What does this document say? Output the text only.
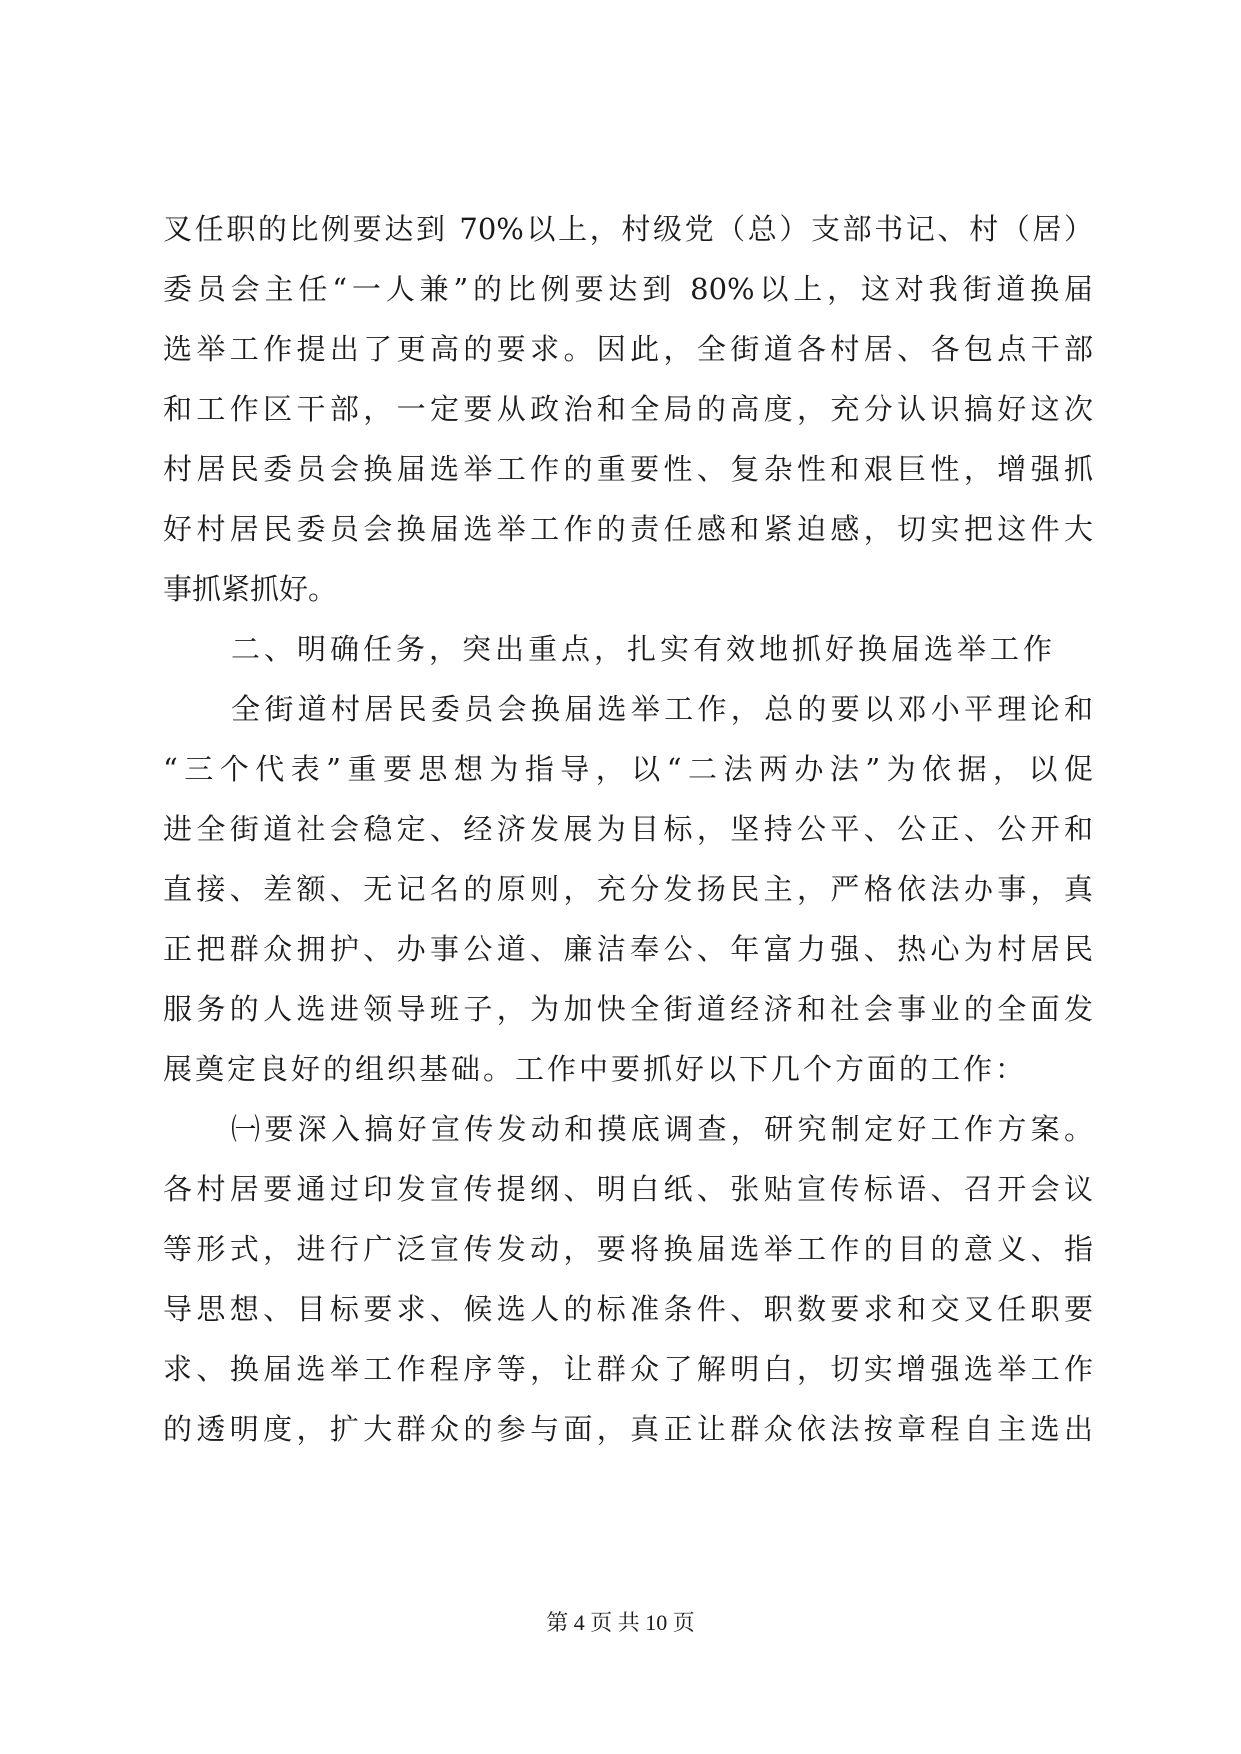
叉任职的比例要达到 70%以上，村级党（总）支部书记、村（居）
委员会主任“一人兼”的比例要达到 80%以上，这对我街道换届
选举工作提出了更高的要求。因此，全街道各村居、各包点干部
和工作区干部，一定要从政治和全局的高度，充分认识搞好这次
村居民委员会换届选举工作的重要性、复杂性和艰巨性，增强抓
好村居民委员会换届选举工作的责任感和紧迫感，切实把这件大
事抓紧抓好。
二、明确任务，突出重点，扎实有效地抓好换届选举工作
全街道村居民委员会换届选举工作，总的要以邓小平理论和
“三个代表”重要思想为指导，以“二法两办法”为依据，以促
进全街道社会稳定、经济发展为目标，坚持公平、公正、公开和
直接、差额、无记名的原则，充分发扬民主，严格依法办事，真
正把群众拥护、办事公道、廉洁奉公、年富力强、热心为村居民
服务的人选进领导班子，为加快全街道经济和社会事业的全面发
展奠定良好的组织基础。工作中要抓好以下几个方面的工作：
㈠要深入搞好宣传发动和摸底调查，研究制定好工作方案。
各村居要通过印发宣传提纲、明白纸、张贴宣传标语、召开会议
等形式，进行广泛宣传发动，要将换届选举工作的目的意义、指
导思想、目标要求、候选人的标准条件、职数要求和交叉任职要
求、换届选举工作程序等，让群众了解明白，切实增强选举工作
的透明度，扩大群众的参与面，真正让群众依法按章程自主选出
第 4 页 共 10 页
